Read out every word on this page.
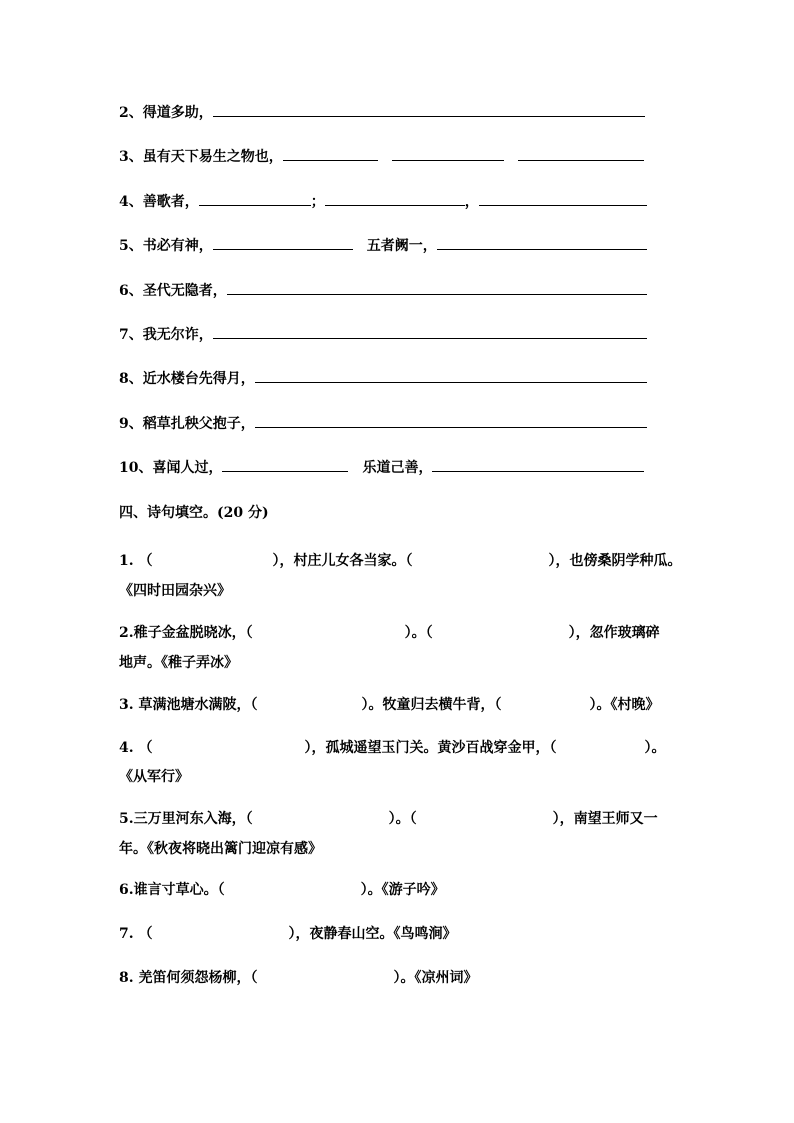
2、得道多助，
3、虽有天下易生之物也，
4、善歌者，	；	，
5、书必有神，	五者阙一，
6、圣代无隐者，
7、我无尔诈，
8、近水楼台先得月，
9、稻草扎秧父抱子，
10、喜闻人过，	乐道己善，
四、诗句填空。(20 分)
1. （	），村庄儿女各当家。（	），也傍桑阴学种瓜。
《四时田园杂兴》
2.稚子金盆脱晓冰，（	）。（	），忽作玻璃碎
地声。《稚子弄冰》
3. 草满池塘水满陂，（	）。牧童归去横牛背，（	）。《村晚》
4. （	），孤城遥望玉门关。黄沙百战穿金甲，（	）。
《从军行》
5.三万里河东入海，（	）。（	），南望王师又一
年。《秋夜将晓出篱门迎凉有感》
6.谁言寸草心。（	）。《游子吟》
7. （	），夜静春山空。《鸟鸣涧》
8. 羌笛何须怨杨柳，（	）。《凉州词》
